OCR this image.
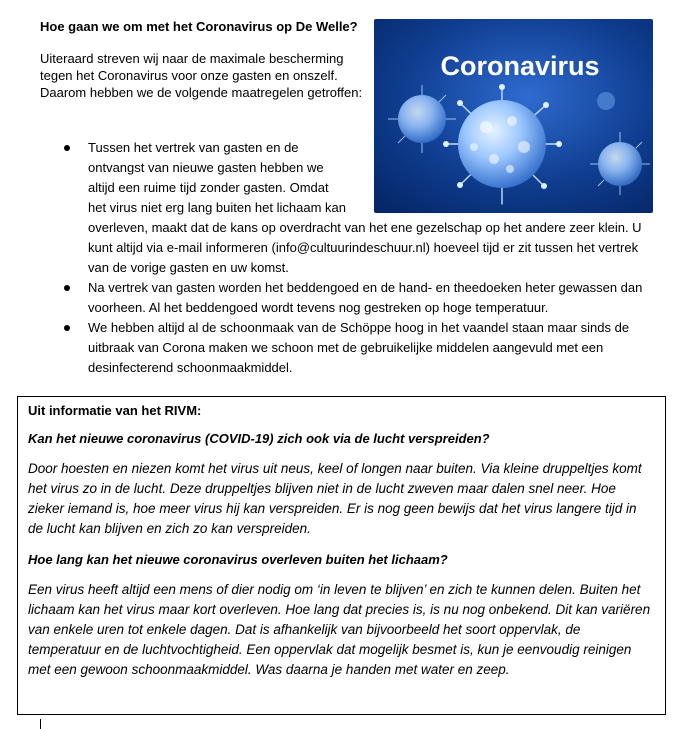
Hoe gaan we om met het Coronavirus op De Welle?

Uiteraard streven wij naar de maximale bescherming tegen het Coronavirus voor onze gasten en onszelf. Daarom hebben we de volgende maatregelen getroffen:

Coronavirus
Tussen het vertrek van gasten en de
ontvangst van nieuwe gasten hebben we
altijd een ruime tijd zonder gasten. Omdat
het virus niet erg lang buiten het lichaam kan
overleven, maakt dat de kans op overdracht van het ene gezelschap op het andere zeer klein. U kunt altijd via e-mail informeren (info@cultuurindeschuur.nl) hoeveel tijd er zit tussen het vertrek van de vorige gasten en uw komst.
Na vertrek van gasten worden het beddengoed en de hand- en theedoeken heter gewassen dan voorheen. Al het beddengoed wordt tevens nog gestreken op hoge temperatuur.
We hebben altijd al de schoonmaak van de Schöppe hoog in het vaandel staan maar sinds de uitbraak van Corona maken we schoon met de gebruikelijke middelen aangevuld met een desinfecterend schoonmaakmiddel.
Uit informatie van het RIVM:
Kan het nieuwe coronavirus (COVID-19) zich ook via de lucht verspreiden?
Door hoesten en niezen komt het virus uit neus, keel of longen naar buiten. Via kleine druppeltjes komt het virus zo in de lucht. Deze druppeltjes blijven niet in de lucht zweven maar dalen snel neer. Hoe zieker iemand is, hoe meer virus hij kan verspreiden. Er is nog geen bewijs dat het virus langere tijd in de lucht kan blijven en zich zo kan verspreiden.
Hoe lang kan het nieuwe coronavirus overleven buiten het lichaam?
Een virus heeft altijd een mens of dier nodig om ‘in leven te blijven’ en zich te kunnen delen. Buiten het lichaam kan het virus maar kort overleven. Hoe lang dat precies is, is nu nog onbekend. Dit kan variëren van enkele uren tot enkele dagen. Dat is afhankelijk van bijvoorbeeld het soort oppervlak, de temperatuur en de luchtvochtigheid. Een oppervlak dat mogelijk besmet is, kun je eenvoudig reinigen met een gewoon schoonmaakmiddel. Was daarna je handen met water en zeep.
